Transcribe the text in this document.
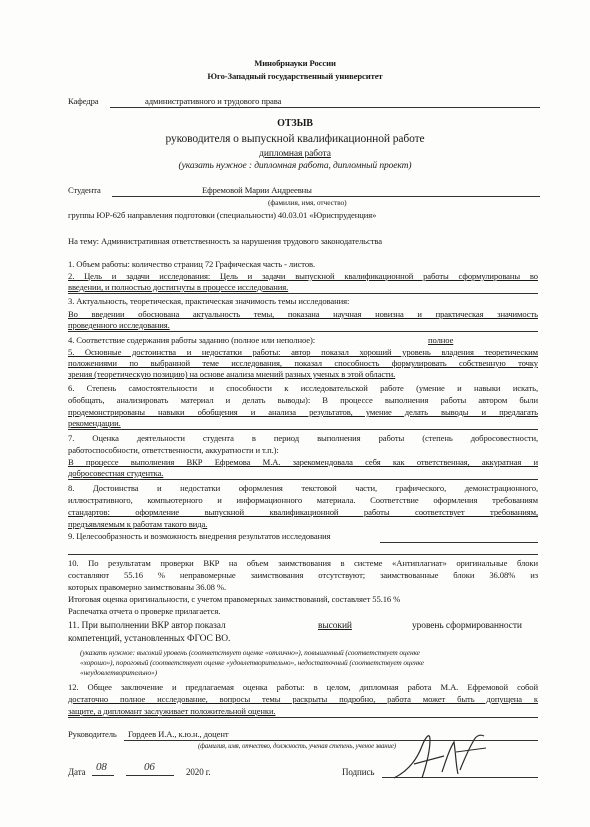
Минобрнауки России
Юго-Западный государственный университет
Кафедра	административного и трудового права
ОТЗЫВ
руководителя о выпускной квалификационной работе
дипломная работа
(указать нужное : дипломная работа, дипломный проект)
Студента	Ефремовой Марии Андреевны
(фамилия, имя, отчество)
группы ЮР-62б направления подготовки (специальности) 40.03.01 «Юриспруденция»
На тему: Административная ответственность за нарушения трудового законодательства
1. Объем работы: количество страниц 72 Графическая часть - листов.
2. Цель и задачи исследования: Цель и задачи выпускной квалификационной работы сформулированы во
введении, и полностью достигнуты в процессе исследования.
3. Актуальность, теоретическая, практическая значимость темы исследования:
Во введении обоснована актуальность темы, показана научная новизна и практическая значимость
проведенного исследования.
4. Соответствие содержания работы заданию (полное или неполное):	полное
5. Основные достоинства и недостатки работы: автор показал хороший уровень владения теоретическим
положениями по выбранной теме исследования, показал способность формулировать собственную точку
зрения (теоретическую позицию) на основе анализа мнений разных ученых в этой области.
6. Степень самостоятельности и способности к исследовательской работе (умение и навыки искать,
обобщать, анализировать материал и делать выводы): В процессе выполнения работы автором были
продемонстрированы навыки обобщения и анализа результатов, умение делать выводы и предлагать
рекомендации.
7. Оценка деятельности студента в период выполнения работы (степень добросовестности,
работоспособности, ответственности, аккуратности и т.п.):
В процессе выполнения ВКР Ефремова М.А. зарекомендовала себя как ответственная, аккуратная и
добросовестная студентка.
8. Достоинства и недостатки оформления текстовой части, графического, демонстрационного,
иллюстративного, компьютерного и информационного материала. Соответствие оформления требованиям
стандартов: оформление выпускной квалификационной работы соответствует требованиям,
предъявляемым к работам такого вида.
9. Целесообразность и возможность внедрения результатов исследования
10. По результатам проверки ВКР на объем заимствования в системе «Антиплагиат» оригинальные блоки
составляют 55.16 % неправомерные заимствования отсутствуют; заимствованные блоки 36.08% из
которых правомерно заимствованы 36.08 %.
Итоговая оценка оригинальности, с учетом правомерных заимствований, составляет 55.16 %
Распечатка отчета о проверке прилагается.
11. При выполнении ВКР автор показал	высокий	уровень сформированности
компетенций, установленных ФГОС ВО.
(указать нужное: высокий уровень (соответствует оценке «отлично»), повышенный (соответствует оценке
«хорошо»), пороговый (соответствует оценке «удовлетворительно», недостаточный (соответствует оценке
«неудовлетворительно»)
12. Общее заключение и предлагаемая оценка работы: в целом, дипломная работа М.А. Ефремовой собой
достаточно полное исследование, вопросы темы раскрыты подробно, работа может быть допущена к
защите, а дипломант заслуживает положительной оценки.
Руководитель Гордеев И.А., к.ю.н., доцент
(фамилия, имя, отчество, должность, ученая степень, ученое звание)
Дата 08	06	2020 г.	Подпись
